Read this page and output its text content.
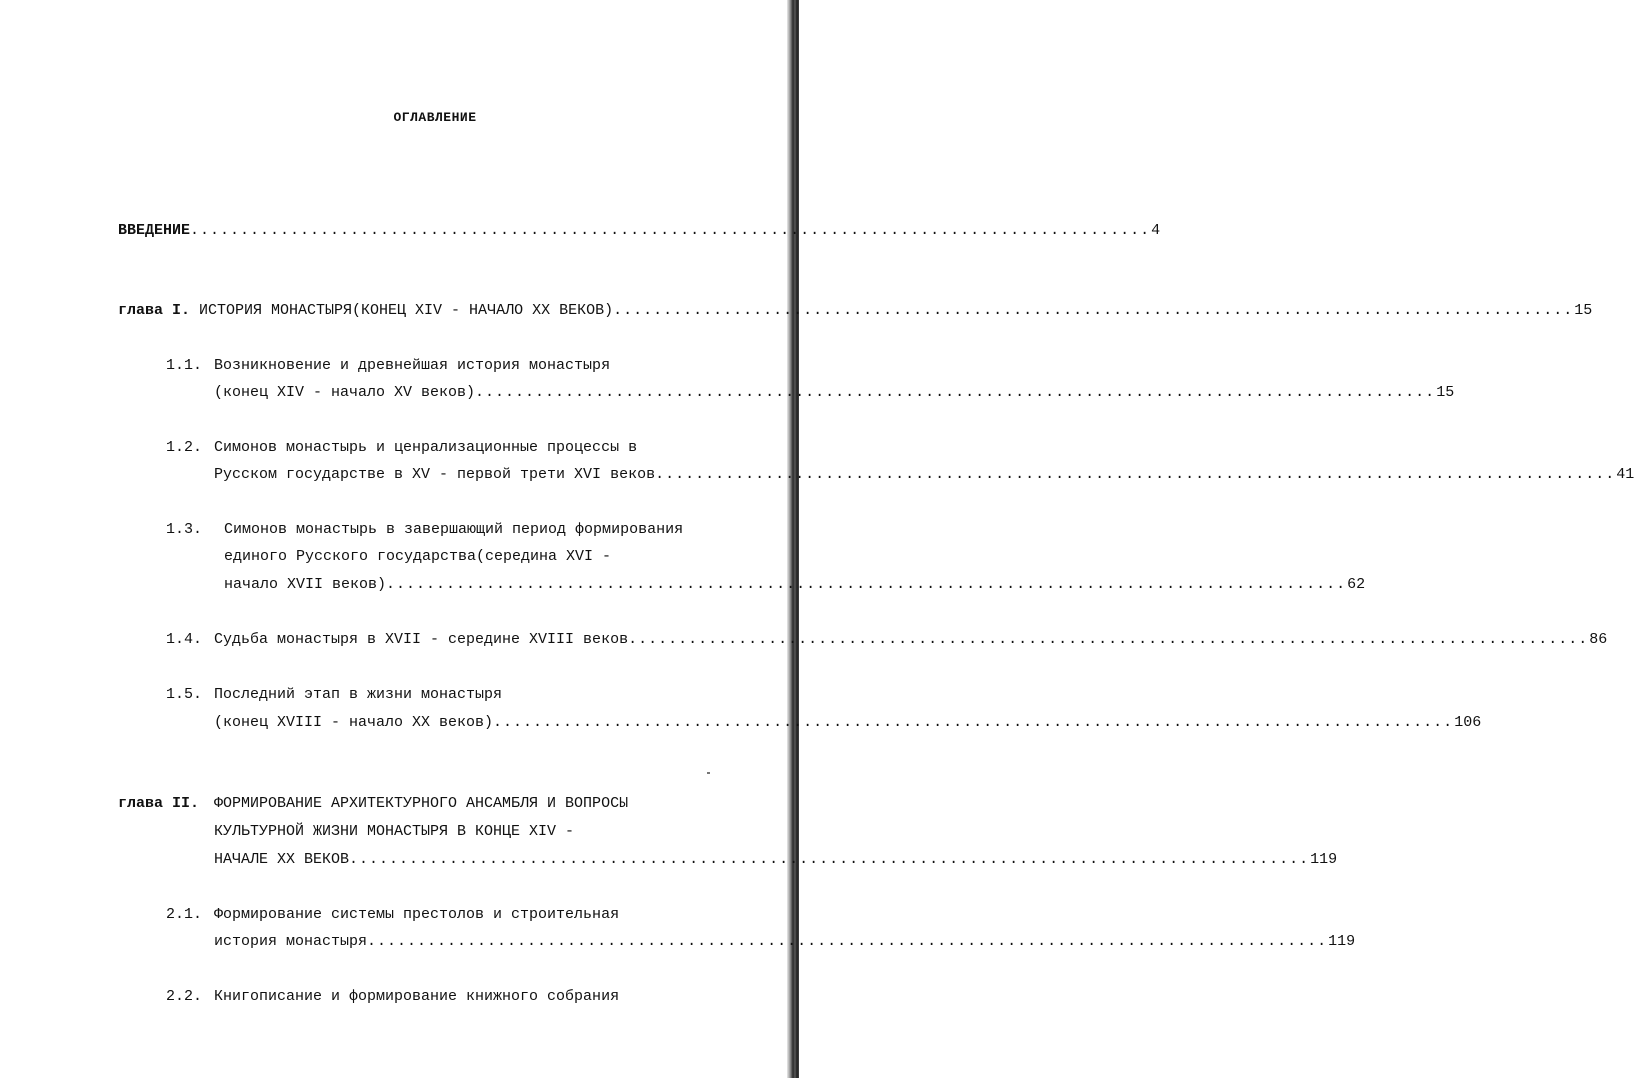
ОГЛАВЛЕНИЕ
ВВЕДЕНИЕ ................................................................................................ 4
глава I. ИСТОРИЯ МОНАСТЫРЯ(КОНЕЦ XIV - НАЧАЛО XX ВЕКОВ) ................................................................................................ 15
1.1. Возникновение и древнейшая история монастыря
(конец XIV - начало XV веков) ................................................................................................ 15
1.2. Симонов монастырь и ценрализационные процессы в
Русском государстве в XV - первой трети XVI веков ................................................................................................ 41
1.3. Симонов монастырь в завершающий период формирования
единого Русского государства(середина XVI -
начало XVII веков) ................................................................................................ 62
1.4. Судьба монастыря в XVII - середине XVIII веков ................................................................................................ 86
1.5. Последний этап в жизни монастыря
(конец XVIII - начало XX веков) ................................................................................................ 106
глава II. ФОРМИРОВАНИЕ АРХИТЕКТУРНОГО АНСАМБЛЯ И ВОПРОСЫ
КУЛЬТУРНОЙ ЖИЗНИ МОНАСТЫРЯ В КОНЦЕ XIV -
НАЧАЛЕ XX ВЕКОВ ................................................................................................ 119
2.1. Формирование системы престолов и строительная
история монастыря ................................................................................................ 119
2.2. Книгописание и формирование книжного собрания
